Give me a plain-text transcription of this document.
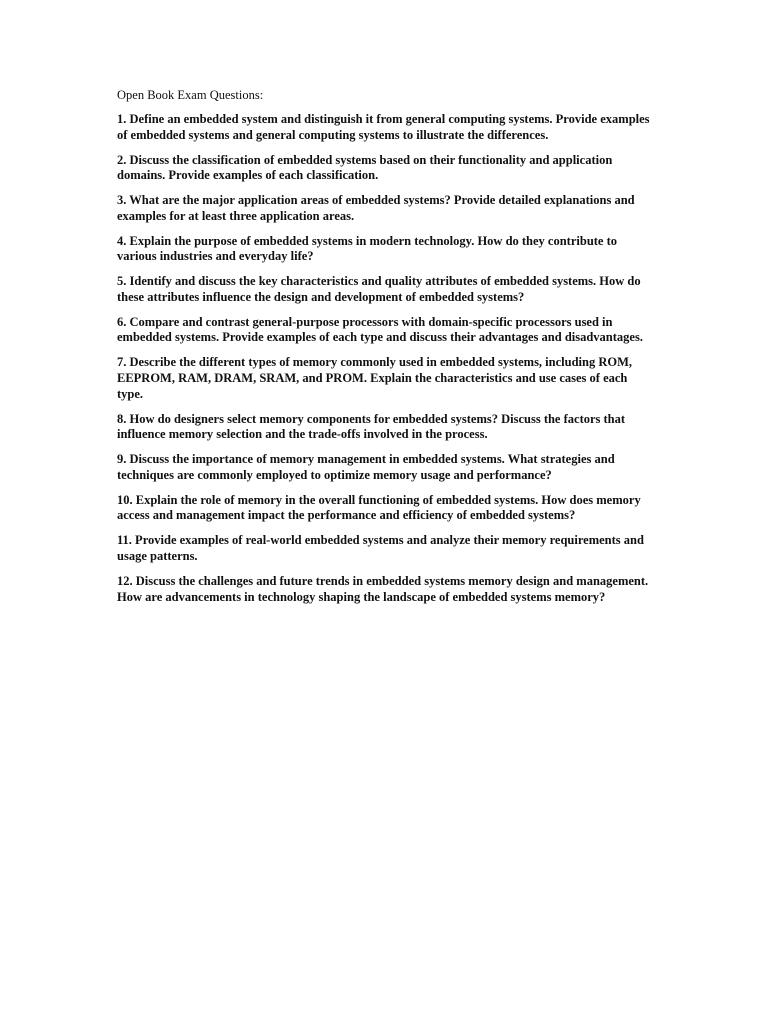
Open Book Exam Questions:

1. Define an embedded system and distinguish it from general computing systems. Provide examples of embedded systems and general computing systems to illustrate the differences.
2. Discuss the classification of embedded systems based on their functionality and application domains. Provide examples of each classification.
3. What are the major application areas of embedded systems? Provide detailed explanations and examples for at least three application areas.
4. Explain the purpose of embedded systems in modern technology. How do they contribute to various industries and everyday life?
5. Identify and discuss the key characteristics and quality attributes of embedded systems. How do these attributes influence the design and development of embedded systems?
6. Compare and contrast general-purpose processors with domain-specific processors used in embedded systems. Provide examples of each type and discuss their advantages and disadvantages.
7. Describe the different types of memory commonly used in embedded systems, including ROM, EEPROM, RAM, DRAM, SRAM, and PROM. Explain the characteristics and use cases of each type.
8. How do designers select memory components for embedded systems? Discuss the factors that influence memory selection and the trade-offs involved in the process.
9. Discuss the importance of memory management in embedded systems. What strategies and techniques are commonly employed to optimize memory usage and performance?
10. Explain the role of memory in the overall functioning of embedded systems. How does memory access and management impact the performance and efficiency of embedded systems?
11. Provide examples of real-world embedded systems and analyze their memory requirements and usage patterns.
12. Discuss the challenges and future trends in embedded systems memory design and management. How are advancements in technology shaping the landscape of embedded systems memory?
